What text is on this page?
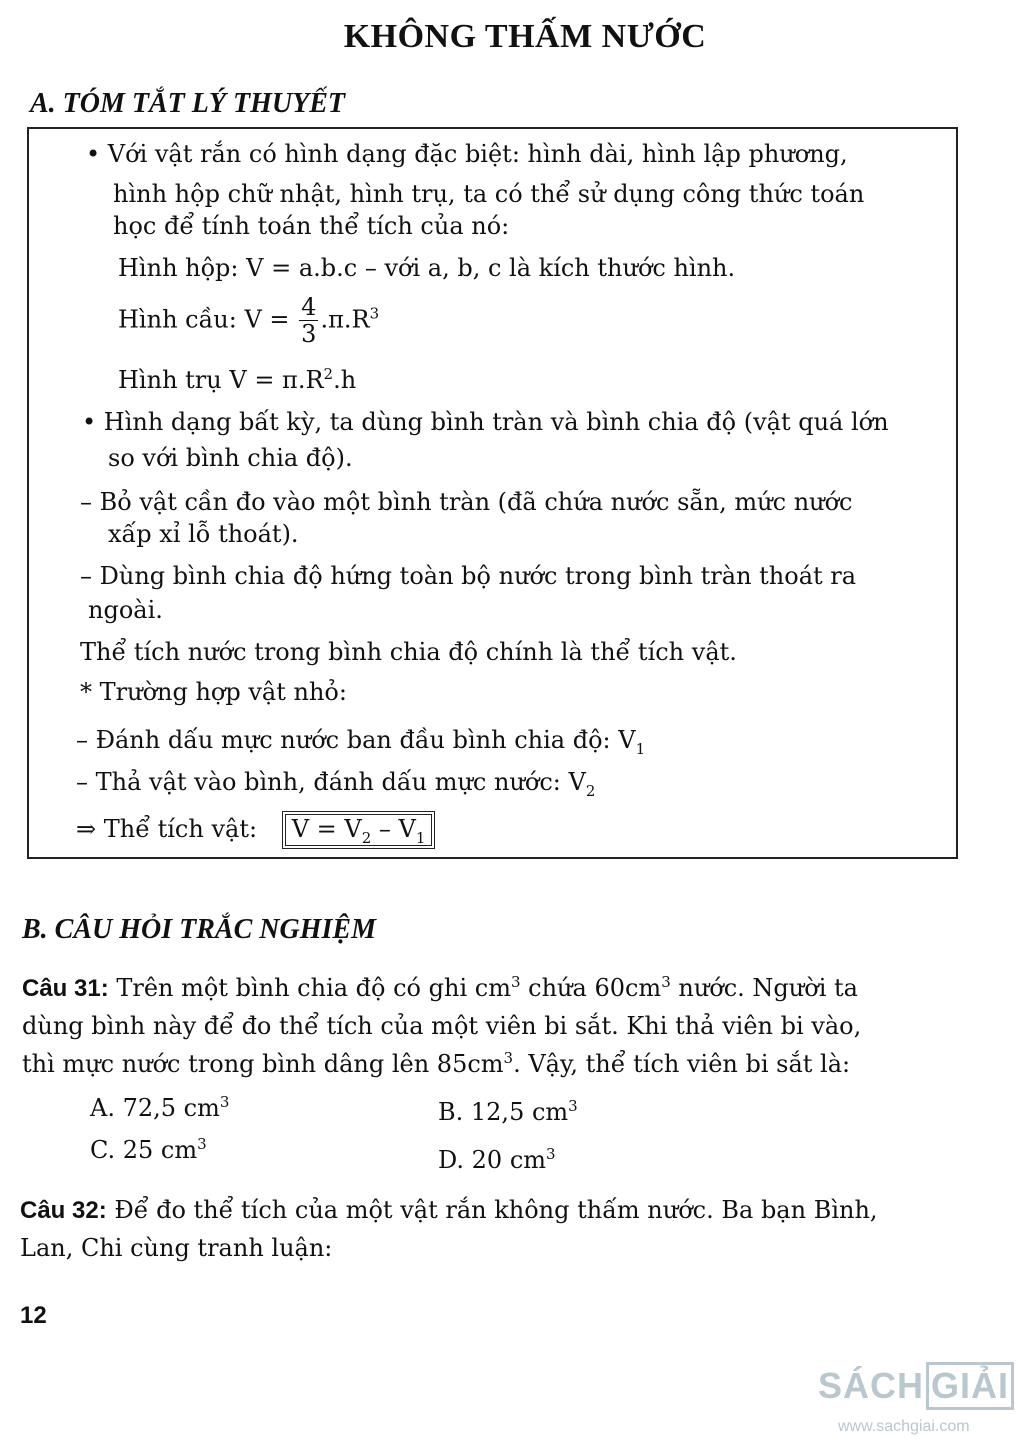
KHÔNG THẤM NƯỚC
A. TÓM TẮT LÝ THUYẾT
• Với vật rắn có hình dạng đặc biệt: hình dài, hình lập phương,
hình hộp chữ nhật, hình trụ, ta có thể sử dụng công thức toán
học để tính toán thể tích của nó:
Hình hộp: V = a.b.c – với a, b, c là kích thước hình.
Hình cầu: $V = \frac{4}{3} .\pi.R^3$
Hình trụ $V = \pi.R^2.h$
• Hình dạng bất kỳ, ta dùng bình tràn và bình chia độ (vật quá lớn
so với bình chia độ).
– Bỏ vật cần đo vào một bình tràn (đã chứa nước sẵn, mức nước
xấp xỉ lỗ thoát).
– Dùng bình chia độ hứng toàn bộ nước trong bình tràn thoát ra
ngoài.
Thể tích nước trong bình chia độ chính là thể tích vật.
* Trường hợp vật nhỏ:
– Đánh dấu mực nước ban đầu bình chia độ: $V_1$
– Thả vật vào bình, đánh dấu mực nước: $V_2$
⇒ Thể tích vật: $V = V_2 - V_1$
B. CÂU HỎI TRẮC NGHIỆM
Câu 31: Trên một bình chia độ có ghi $cm^3$ chứa $60cm^3$ nước. Người ta
dùng bình này để đo thể tích của một viên bi sắt. Khi thả viên bi vào,
thì mực nước trong bình dâng lên $85cm^3$. Vậy, thể tích viên bi sắt là:
A. 72,5 $cm^3$	B. 12,5 $cm^3$
C. 25 $cm^3$
D. 20 $cm^3$
Câu 32: Để đo thể tích của một vật rắn không thấm nước. Ba bạn Bình,
Lan, Chi cùng tranh luận:
12
SÁCH GIẢI
www.sachgiai.com
